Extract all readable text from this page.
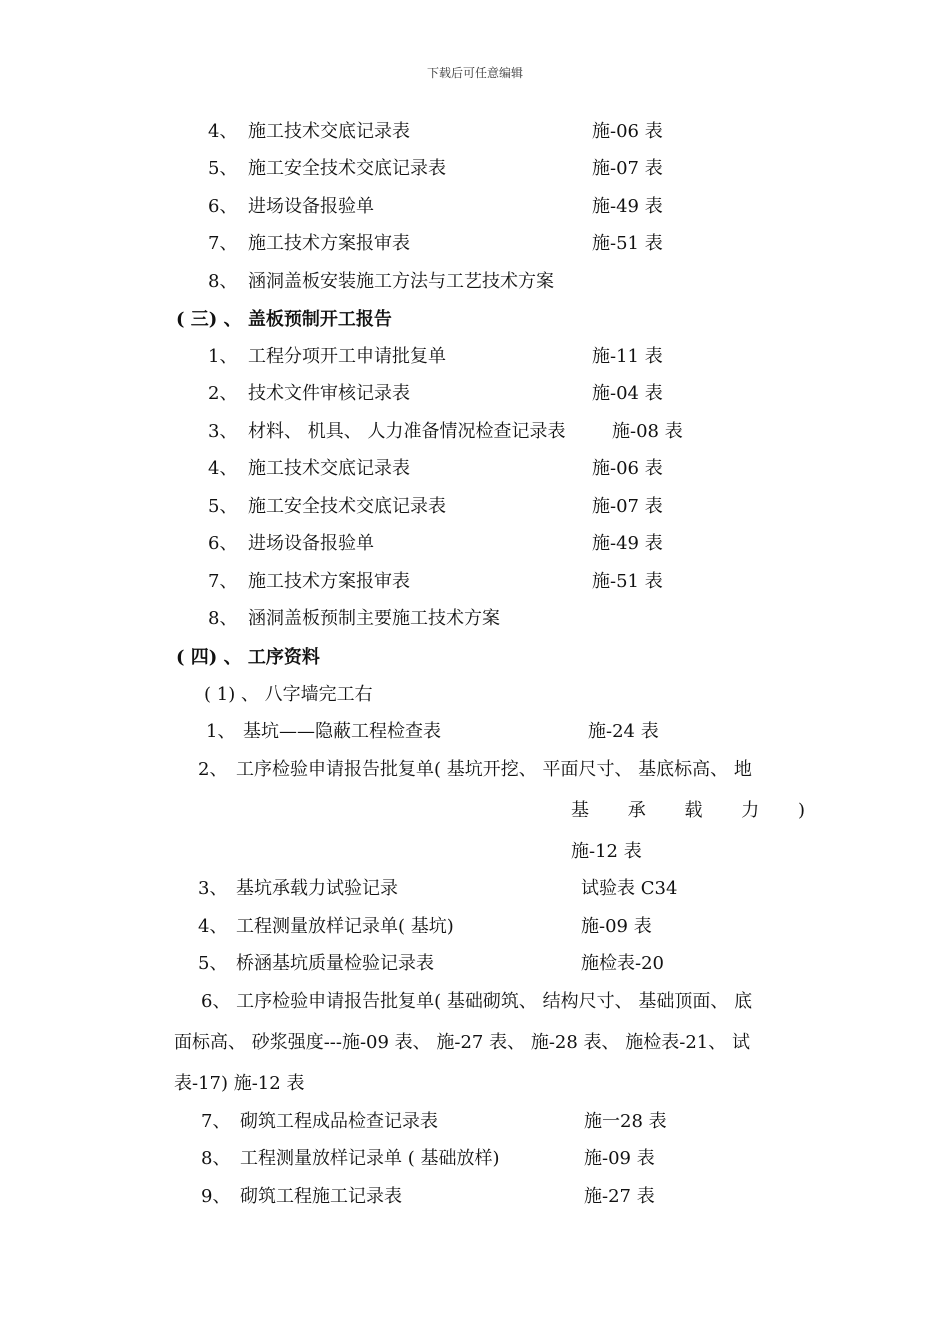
下载后可任意编辑
4、 施工技术交底记录表	施-06 表
5、 施工安全技术交底记录表	施-07 表
6、 进场设备报验单	施-49 表
7、 施工技术方案报审表	施-51 表
8、 涵洞盖板安装施工方法与工艺技术方案
( 三) 、 盖板预制开工报告
1、 工程分项开工申请批复单	施-11 表
2、 技术文件审核记录表	施-04 表
3、 材料、 机具、 人力准备情况检查记录表	施-08 表
4、 施工技术交底记录表	施-06 表
5、 施工安全技术交底记录表	施-07 表
6、 进场设备报验单	施-49 表
7、 施工技术方案报审表	施-51 表
8、 涵洞盖板预制主要施工技术方案
( 四) 、 工序资料
( 1) 、 八字墙完工右
1、 基坑——隐蔽工程检查表	施-24 表
2、 工序检验申请报告批复单( 基坑开挖、 平面尺寸、 基底标高、 地
基 承 载 力 )
施-12 表
3、 基坑承载力试验记录	试验表 C34
4、 工程测量放样记录单( 基坑)	施-09 表
5、 桥涵基坑质量检验记录表	施检表-20
6、 工序检验申请报告批复单( 基础砌筑、 结构尺寸、 基础顶面、 底
面标高、 砂浆强度---施-09 表、 施-27 表、 施-28 表、 施检表-21、 试
表-17) 施-12 表
7、 砌筑工程成品检查记录表	施一28 表
8、 工程测量放样记录单 ( 基础放样)	施-09 表
9、 砌筑工程施工记录表	施-27 表
